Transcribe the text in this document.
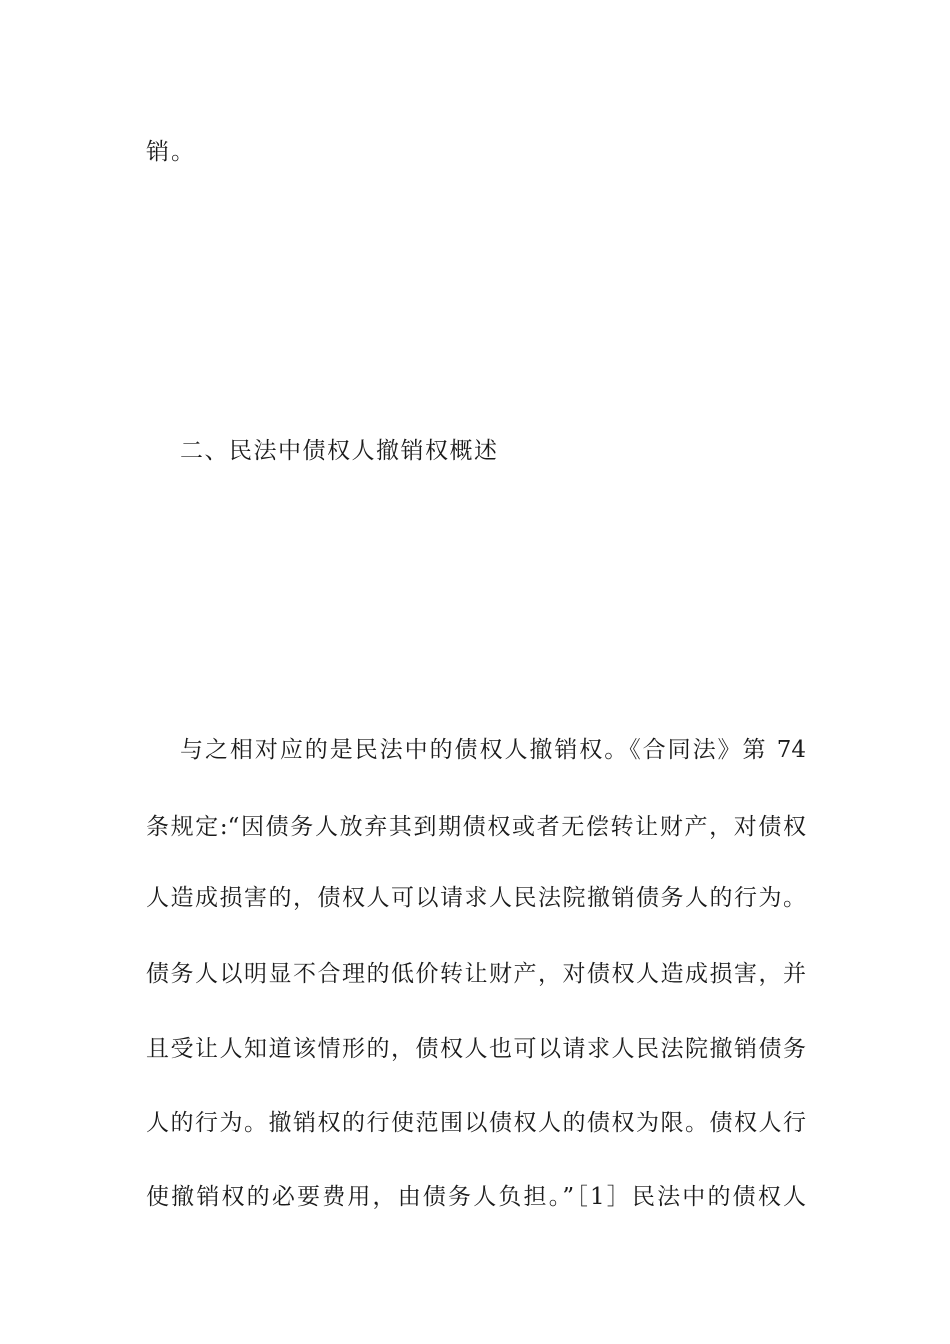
销。
二、民法中债权人撤销权概述
与之相对应的是民法中的债权人撤销权。《合同法》第 74
条规定:“因债务人放弃其到期债权或者无偿转让财产，对债权
人造成损害的，债权人可以请求人民法院撤销债务人的行为。
债务人以明显不合理的低价转让财产，对债权人造成损害，并
且受让人知道该情形的，债权人也可以请求人民法院撤销债务
人的行为。撤销权的行使范围以债权人的债权为限。债权人行
使撤销权的必要费用，由债务人负担。”［1］民法中的债权人
